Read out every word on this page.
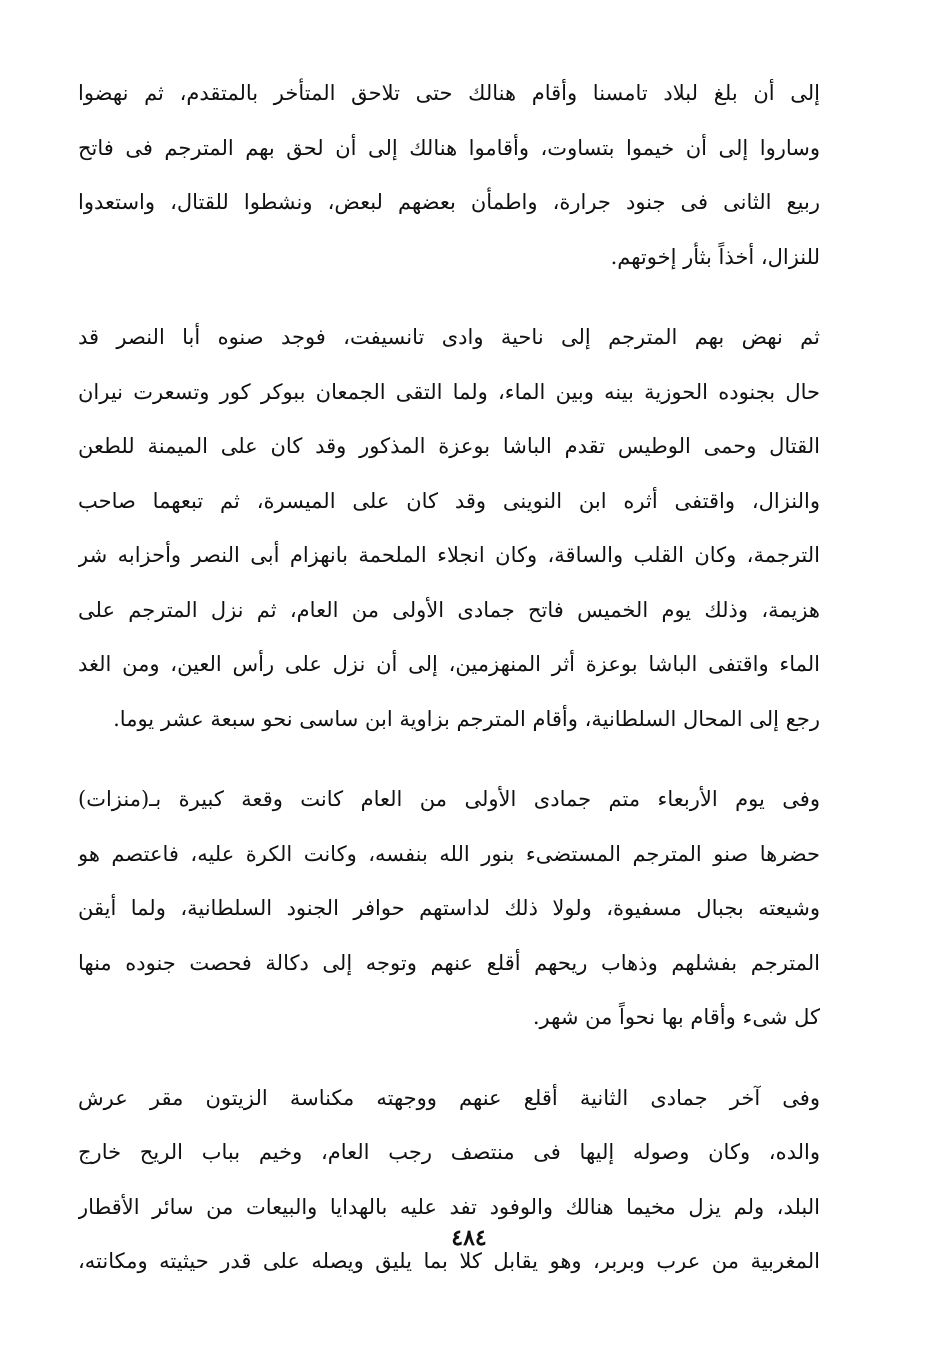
إلى أن بلغ لبلاد تامسنا وأقام هنالك حتى تلاحق المتأخر بالمتقدم، ثم نهضوا
وساروا إلى أن خيموا بتساوت، وأقاموا هنالك إلى أن لحق بهم المترجم فى فاتح
ربيع الثانى فى جنود جرارة، واطمأن بعضهم لبعض، ونشطوا للقتال، واستعدوا
للنزال، أخذاً بثأر إخوتهم.
ثم نهض بهم المترجم إلى ناحية وادى تانسيفت، فوجد صنوه أبا النصر قد
حال بجنوده الحوزية بينه وبين الماء، ولما التقى الجمعان ببوكر كور وتسعرت نيران
القتال وحمى الوطيس تقدم الباشا بوعزة المذكور وقد كان على الميمنة للطعن
والنزال، واقتفى أثره ابن النوينى وقد كان على الميسرة، ثم تبعهما صاحب
الترجمة، وكان القلب والساقة، وكان انجلاء الملحمة بانهزام أبى النصر وأحزابه شر
هزيمة، وذلك يوم الخميس فاتح جمادى الأولى من العام، ثم نزل المترجم على
الماء واقتفى الباشا بوعزة أثر المنهزمين، إلى أن نزل على رأس العين، ومن الغد
رجع إلى المحال السلطانية، وأقام المترجم بزاوية ابن ساسى نحو سبعة عشر يوما.
وفى يوم الأربعاء متم جمادى الأولى من العام كانت وقعة كبيرة بـ(منزات)
حضرها صنو المترجم المستضىء بنور الله بنفسه، وكانت الكرة عليه، فاعتصم هو
وشيعته بجبال مسفيوة، ولولا ذلك لداستهم حوافر الجنود السلطانية، ولما أيقن
المترجم بفشلهم وذهاب ريحهم أقلع عنهم وتوجه إلى دكالة فحصت جنوده منها
كل شىء وأقام بها نحواً من شهر.
وفى آخر جمادى الثانية أقلع عنهم ووجهته مكناسة الزيتون مقر عرش
والده، وكان وصوله إليها فى منتصف رجب العام، وخيم بباب الريح خارج
البلد، ولم يزل مخيما هنالك والوفود تفد عليه بالهدايا والبيعات من سائر الأقطار
المغربية من عرب وبربر، وهو يقابل كلا بما يليق ويصله على قدر حيثيته ومكانته،
٤٨٤
